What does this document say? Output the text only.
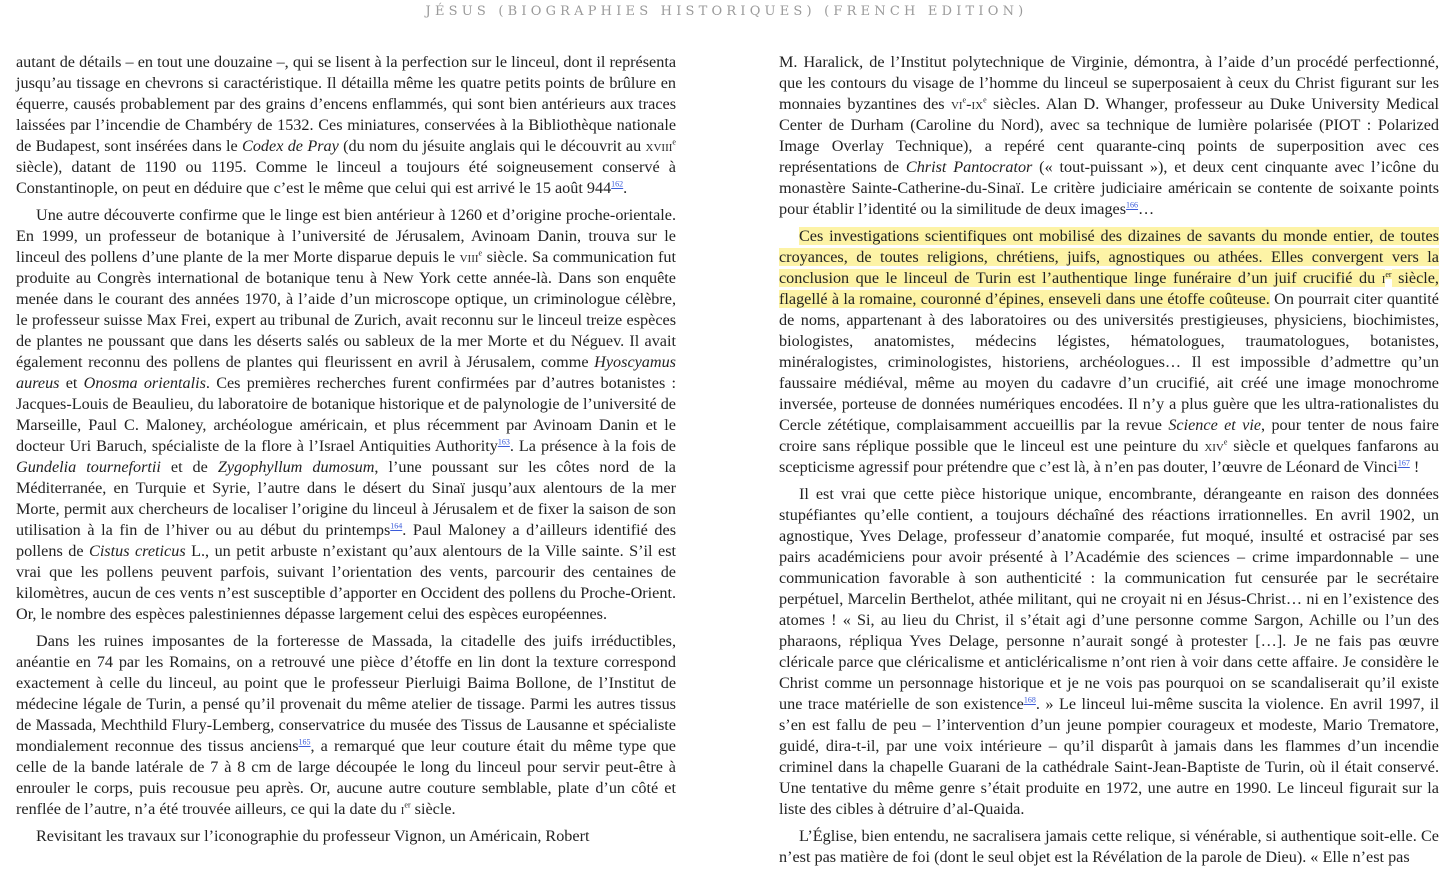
JÉSUS (BIOGRAPHIES HISTORIQUES) (FRENCH EDITION)

autant de détails – en tout une douzaine –, qui se lisent à la perfection sur le linceul, dont il représenta jusqu’au tissage en chevrons si caractéristique. Il détailla même les quatre petits points de brûlure en équerre, causés probablement par des grains d’encens enflammés, qui sont bien antérieurs aux traces laissées par l’incendie de Chambéry de 1532. Ces miniatures, conservées à la Bibliothèque nationale de Budapest, sont insérées dans le Codex de Pray (du nom du jésuite anglais qui le découvrit au xviii$^e$ siècle), datant de 1190 ou 1195. Comme le linceul a toujours été soigneusement conservé à Constantinople, on peut en déduire que c’est le même que celui qui est arrivé le 15 août 944$^{162}$.

Une autre découverte confirme que le linge est bien antérieur à 1260 et d’origine proche-orientale. En 1999, un professeur de botanique à l’université de Jérusalem, Avinoam Danin, trouva sur le linceul des pollens d’une plante de la mer Morte disparue depuis le viii$^e$ siècle. Sa communication fut produite au Congrès international de botanique tenu à New York cette année-là. Dans son enquête menée dans le courant des années 1970, à l’aide d’un microscope optique, un criminologue célèbre, le professeur suisse Max Frei, expert au tribunal de Zurich, avait reconnu sur le linceul treize espèces de plantes ne poussant que dans les déserts salés ou sableux de la mer Morte et du Néguev. Il avait également reconnu des pollens de plantes qui fleurissent en avril à Jérusalem, comme Hyoscyamus aureus et Onosma orientalis. Ces premières recherches furent confirmées par d’autres botanistes : Jacques-Louis de Beaulieu, du laboratoire de botanique historique et de palynologie de l’université de Marseille, Paul C. Maloney, archéologue américain, et plus récemment par Avinoam Danin et le docteur Uri Baruch, spécialiste de la flore à l’Israel Antiquities Authority$^{163}$. La présence à la fois de Gundelia tournefortii et de Zygophyllum dumosum, l’une poussant sur les côtes nord de la Méditerranée, en Turquie et Syrie, l’autre dans le désert du Sinaï jusqu’aux alentours de la mer Morte, permit aux chercheurs de localiser l’origine du linceul à Jérusalem et de fixer la saison de son utilisation à la fin de l’hiver ou au début du printemps$^{164}$. Paul Maloney a d’ailleurs identifié des pollens de Cistus creticus L., un petit arbuste n’existant qu’aux alentours de la Ville sainte. S’il est vrai que les pollens peuvent parfois, suivant l’orientation des vents, parcourir des centaines de kilomètres, aucun de ces vents n’est susceptible d’apporter en Occident des pollens du Proche-Orient. Or, le nombre des espèces palestiniennes dépasse largement celui des espèces européennes.

Dans les ruines imposantes de la forteresse de Massada, la citadelle des juifs irréductibles, anéantie en 74 par les Romains, on a retrouvé une pièce d’étoffe en lin dont la texture correspond exactement à celle du linceul, au point que le professeur Pierluigi Baima Bollone, de l’Institut de médecine légale de Turin, a pensé qu’il provenait du même atelier de tissage. Parmi les autres tissus de Massada, Mechthild Flury-Lemberg, conservatrice du musée des Tissus de Lausanne et spécialiste mondialement reconnue des tissus anciens$^{165}$, a remarqué que leur couture était du même type que celle de la bande latérale de 7 à 8 cm de large découpée le long du linceul pour servir peut-être à enrouler le corps, puis recousue peu après. Or, aucune autre couture semblable, plate d’un côté et renflée de l’autre, n’a été trouvée ailleurs, ce qui la date du $i^{er}$ siècle.

Revisitant les travaux sur l’iconographie du professeur Vignon, un Américain, Robert

M. Haralick, de l’Institut polytechnique de Virginie, démontra, à l’aide d’un procédé perfectionné, que les contours du visage de l’homme du linceul se superposaient à ceux du Christ figurant sur les monnaies byzantines des $vi^e-ix^e$ siècles. Alan D. Whanger, professeur au Duke University Medical Center de Durham (Caroline du Nord), avec sa technique de lumière polarisée (PIOT : Polarized Image Overlay Technique), a repéré cent quarante-cinq points de superposition avec ces représentations de Christ Pantocrator (« tout-puissant »), et deux cent cinquante avec l’icône du monastère Sainte-Catherine-du-Sinaï. Le critère judiciaire américain se contente de soixante points pour établir l’identité ou la similitude de deux images$^{166}$…

Ces investigations scientifiques ont mobilisé des dizaines de savants du monde entier, de toutes croyances, de toutes religions, chrétiens, juifs, agnostiques ou athées. Elles convergent vers la conclusion que le linceul de Turin est l’authentique linge funéraire d’un juif crucifié du $i^{er}$ siècle, flagellé à la romaine, couronné d’épines, enseveli dans une étoffe coûteuse. On pourrait citer quantité de noms, appartenant à des laboratoires ou des universités prestigieuses, physiciens, biochimistes, biologistes, anatomistes, médecins légistes, hématologues, traumatologues, botanistes, minéralogistes, criminologistes, historiens, archéologues… Il est impossible d’admettre qu’un faussaire médiéval, même au moyen du cadavre d’un crucifié, ait créé une image monochrome inversée, porteuse de données numériques encodées. Il n’y a plus guère que les ultra-rationalistes du Cercle zététique, complaisamment accueillis par la revue Science et vie, pour tenter de nous faire croire sans réplique possible que le linceul est une peinture du xiv$^e$ siècle et quelques fanfarons au scepticisme agressif pour prétendre que c’est là, à n’en pas douter, l’œuvre de Léonard de Vinci$^{167}$ !

Il est vrai que cette pièce historique unique, encombrante, dérangeante en raison des données stupéfiantes qu’elle contient, a toujours déchaîné des réactions irrationnelles. En avril 1902, un agnostique, Yves Delage, professeur d’anatomie comparée, fut moqué, insulté et ostracisé par ses pairs académiciens pour avoir présenté à l’Académie des sciences – crime impardonnable – une communication favorable à son authenticité : la communication fut censurée par le secrétaire perpétuel, Marcelin Berthelot, athée militant, qui ne croyait ni en Jésus-Christ… ni en l’existence des atomes ! « Si, au lieu du Christ, il s’était agi d’une personne comme Sargon, Achille ou l’un des pharaons, répliqua Yves Delage, personne n’aurait songé à protester […]. Je ne fais pas œuvre cléricale parce que cléricalisme et anticléricalisme n’ont rien à voir dans cette affaire. Je considère le Christ comme un personnage historique et je ne vois pas pourquoi on se scandaliserait qu’il existe une trace matérielle de son existence$^{168}$. » Le linceul lui-même suscita la violence. En avril 1997, il s’en est fallu de peu – l’intervention d’un jeune pompier courageux et modeste, Mario Trematore, guidé, dira-t-il, par une voix intérieure – qu’il disparût à jamais dans les flammes d’un incendie criminel dans la chapelle Guarani de la cathédrale Saint-Jean-Baptiste de Turin, où il était conservé. Une tentative du même genre s’était produite en 1972, une autre en 1990. Le linceul figurait sur la liste des cibles à détruire d’al-Quaida.

L’Église, bien entendu, ne sacralisera jamais cette relique, si vénérable, si authentique soit-elle. Ce n’est pas matière de foi (dont le seul objet est la Révélation de la parole de Dieu). « Elle n’est pas
